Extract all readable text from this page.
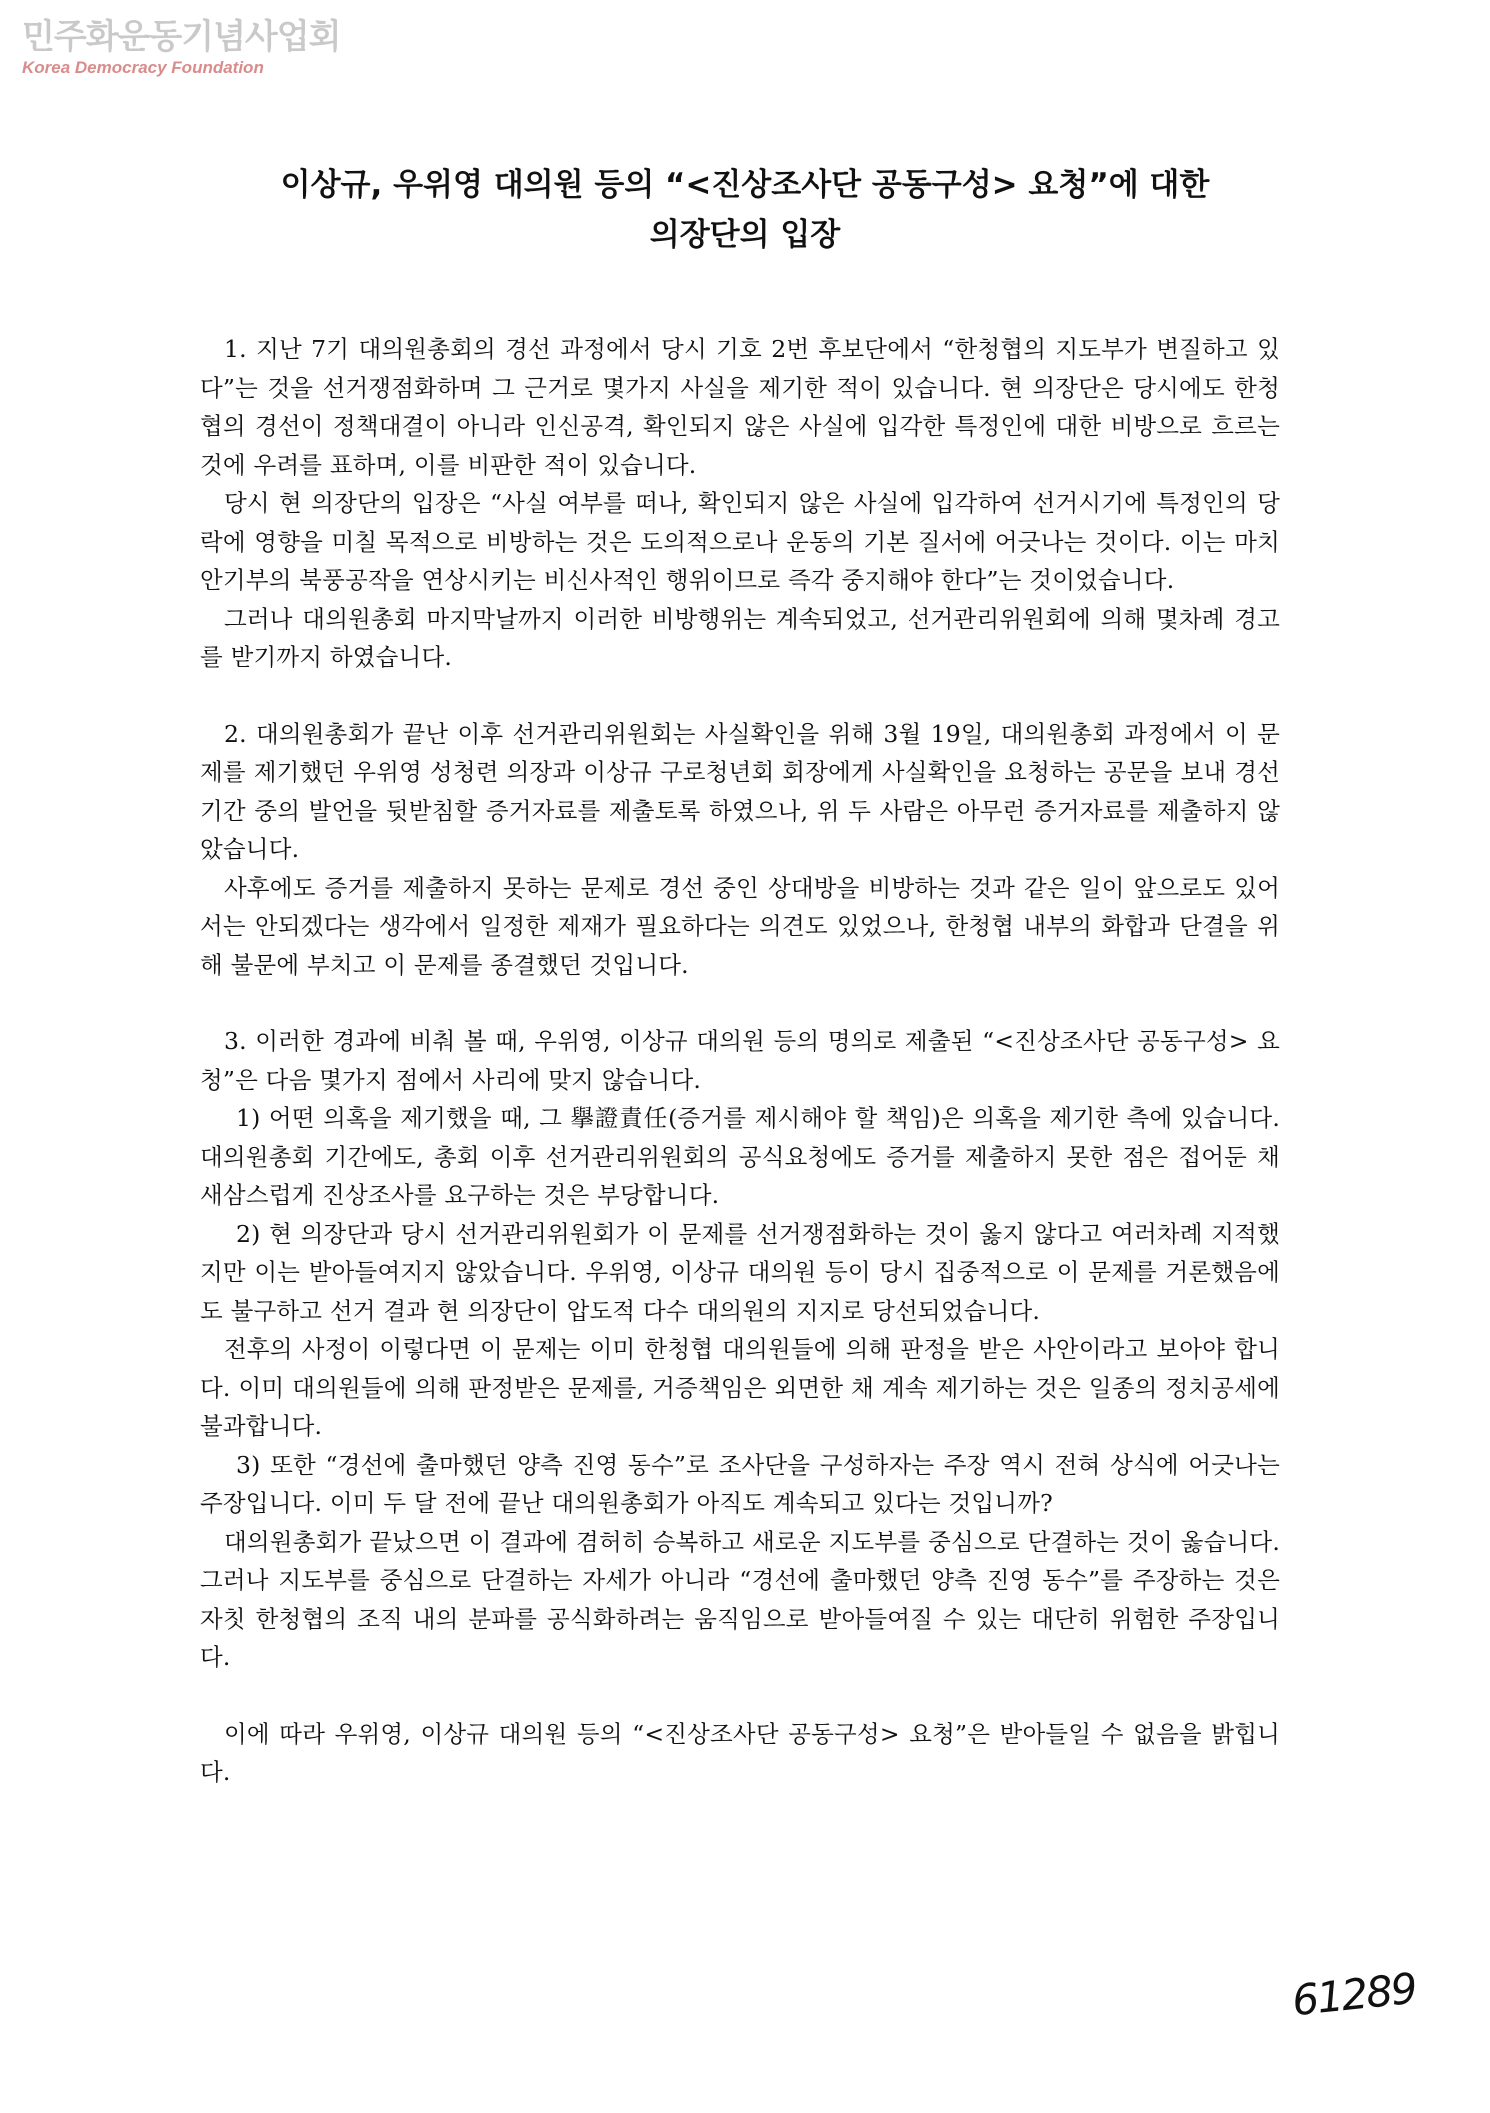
민주화운동기념사업회
Korea Democracy Foundation
이상규, 우위영 대의원 등의 “<진상조사단 공동구성> 요청”에 대한
의장단의 입장

1. 지난 7기 대의원총회의 경선 과정에서 당시 기호 2번 후보단에서 “한청협의 지도부가 변질하고 있다”는 것을 선거쟁점화하며 그 근거로 몇가지 사실을 제기한 적이 있습니다. 현 의장단은 당시에도 한청협의 경선이 정책대결이 아니라 인신공격, 확인되지 않은 사실에 입각한 특정인에 대한 비방으로 흐르는 것에 우려를 표하며, 이를 비판한 적이 있습니다.

당시 현 의장단의 입장은 “사실 여부를 떠나, 확인되지 않은 사실에 입각하여 선거시기에 특정인의 당락에 영향을 미칠 목적으로 비방하는 것은 도의적으로나 운동의 기본 질서에 어긋나는 것이다. 이는 마치 안기부의 북풍공작을 연상시키는 비신사적인 행위이므로 즉각 중지해야 한다”는 것이었습니다.

그러나 대의원총회 마지막날까지 이러한 비방행위는 계속되었고, 선거관리위원회에 의해 몇차례 경고를 받기까지 하였습니다.

2. 대의원총회가 끝난 이후 선거관리위원회는 사실확인을 위해 3월 19일, 대의원총회 과정에서 이 문제를 제기했던 우위영 성청련 의장과 이상규 구로청년회 회장에게 사실확인을 요청하는 공문을 보내 경선 기간 중의 발언을 뒷받침할 증거자료를 제출토록 하였으나, 위 두 사람은 아무런 증거자료를 제출하지 않았습니다.

사후에도 증거를 제출하지 못하는 문제로 경선 중인 상대방을 비방하는 것과 같은 일이 앞으로도 있어서는 안되겠다는 생각에서 일정한 제재가 필요하다는 의견도 있었으나, 한청협 내부의 화합과 단결을 위해 불문에 부치고 이 문제를 종결했던 것입니다.

3. 이러한 경과에 비춰 볼 때, 우위영, 이상규 대의원 등의 명의로 제출된 “<진상조사단 공동구성> 요청”은 다음 몇가지 점에서 사리에 맞지 않습니다.

1) 어떤 의혹을 제기했을 때, 그 擧證責任(증거를 제시해야 할 책임)은 의혹을 제기한 측에 있습니다. 대의원총회 기간에도, 총회 이후 선거관리위원회의 공식요청에도 증거를 제출하지 못한 점은 접어둔 채 새삼스럽게 진상조사를 요구하는 것은 부당합니다.

2) 현 의장단과 당시 선거관리위원회가 이 문제를 선거쟁점화하는 것이 옳지 않다고 여러차례 지적했지만 이는 받아들여지지 않았습니다. 우위영, 이상규 대의원 등이 당시 집중적으로 이 문제를 거론했음에도 불구하고 선거 결과 현 의장단이 압도적 다수 대의원의 지지로 당선되었습니다.

전후의 사정이 이렇다면 이 문제는 이미 한청협 대의원들에 의해 판정을 받은 사안이라고 보아야 합니다. 이미 대의원들에 의해 판정받은 문제를, 거증책임은 외면한 채 계속 제기하는 것은 일종의 정치공세에 불과합니다.

3) 또한 “경선에 출마했던 양측 진영 동수”로 조사단을 구성하자는 주장 역시 전혀 상식에 어긋나는 주장입니다. 이미 두 달 전에 끝난 대의원총회가 아직도 계속되고 있다는 것입니까?

대의원총회가 끝났으면 이 결과에 겸허히 승복하고 새로운 지도부를 중심으로 단결하는 것이 옳습니다. 그러나 지도부를 중심으로 단결하는 자세가 아니라 “경선에 출마했던 양측 진영 동수”를 주장하는 것은 자칫 한청협의 조직 내의 분파를 공식화하려는 움직임으로 받아들여질 수 있는 대단히 위험한 주장입니다.

이에 따라 우위영, 이상규 대의원 등의 “<진상조사단 공동구성> 요청”은 받아들일 수 없음을 밝힙니다.

61289
